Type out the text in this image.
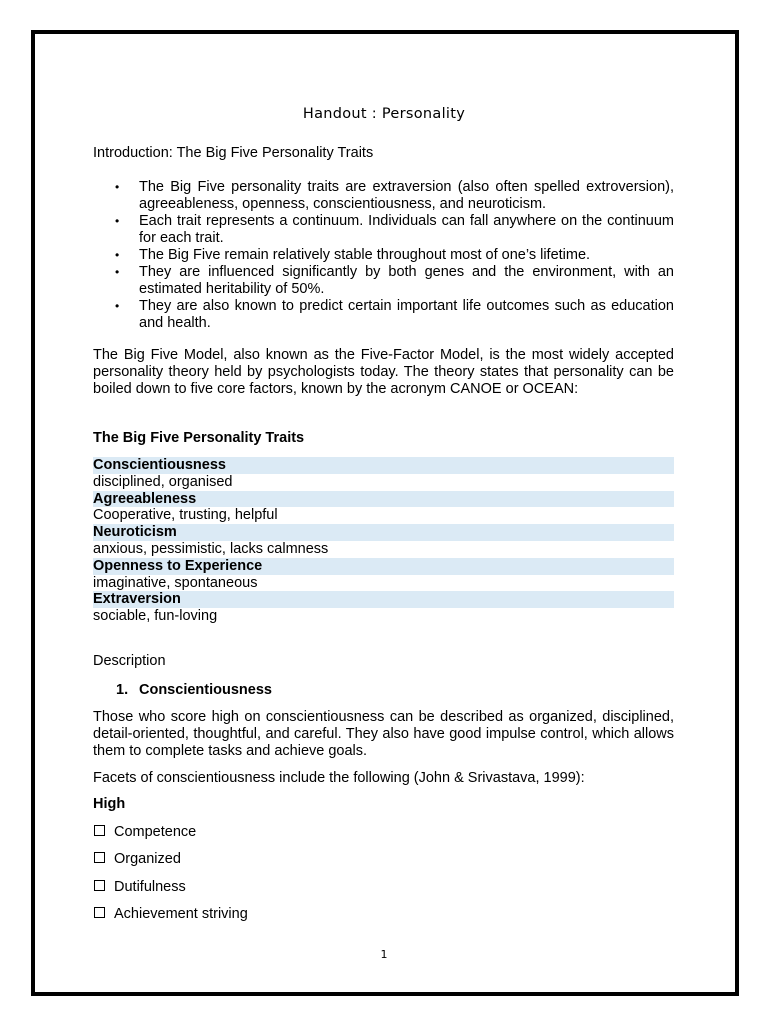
Handout : Personality
Introduction: The Big Five Personality Traits
• The Big Five personality traits are extraversion (also often spelled extroversion), agreeableness, openness, conscientiousness, and neuroticism.
• Each trait represents a continuum. Individuals can fall anywhere on the continuum for each trait.
• The Big Five remain relatively stable throughout most of one’s lifetime.
• They are influenced significantly by both genes and the environment, with an estimated heritability of 50%.
• They are also known to predict certain important life outcomes such as education and health.
The Big Five Model, also known as the Five-Factor Model, is the most widely accepted personality theory held by psychologists today. The theory states that personality can be boiled down to five core factors, known by the acronym CANOE or OCEAN:
The Big Five Personality Traits
Conscientiousness
disciplined, organised
Agreeableness
Cooperative, trusting, helpful
Neuroticism
anxious, pessimistic, lacks calmness
Openness to Experience
imaginative, spontaneous
Extraversion
sociable, fun-loving
Description
1. Conscientiousness
Those who score high on conscientiousness can be described as organized, disciplined, detail-oriented, thoughtful, and careful. They also have good impulse control, which allows them to complete tasks and achieve goals.
Facets of conscientiousness include the following (John & Srivastava, 1999):
High
Competence
Organized
Dutifulness
Achievement striving
1
